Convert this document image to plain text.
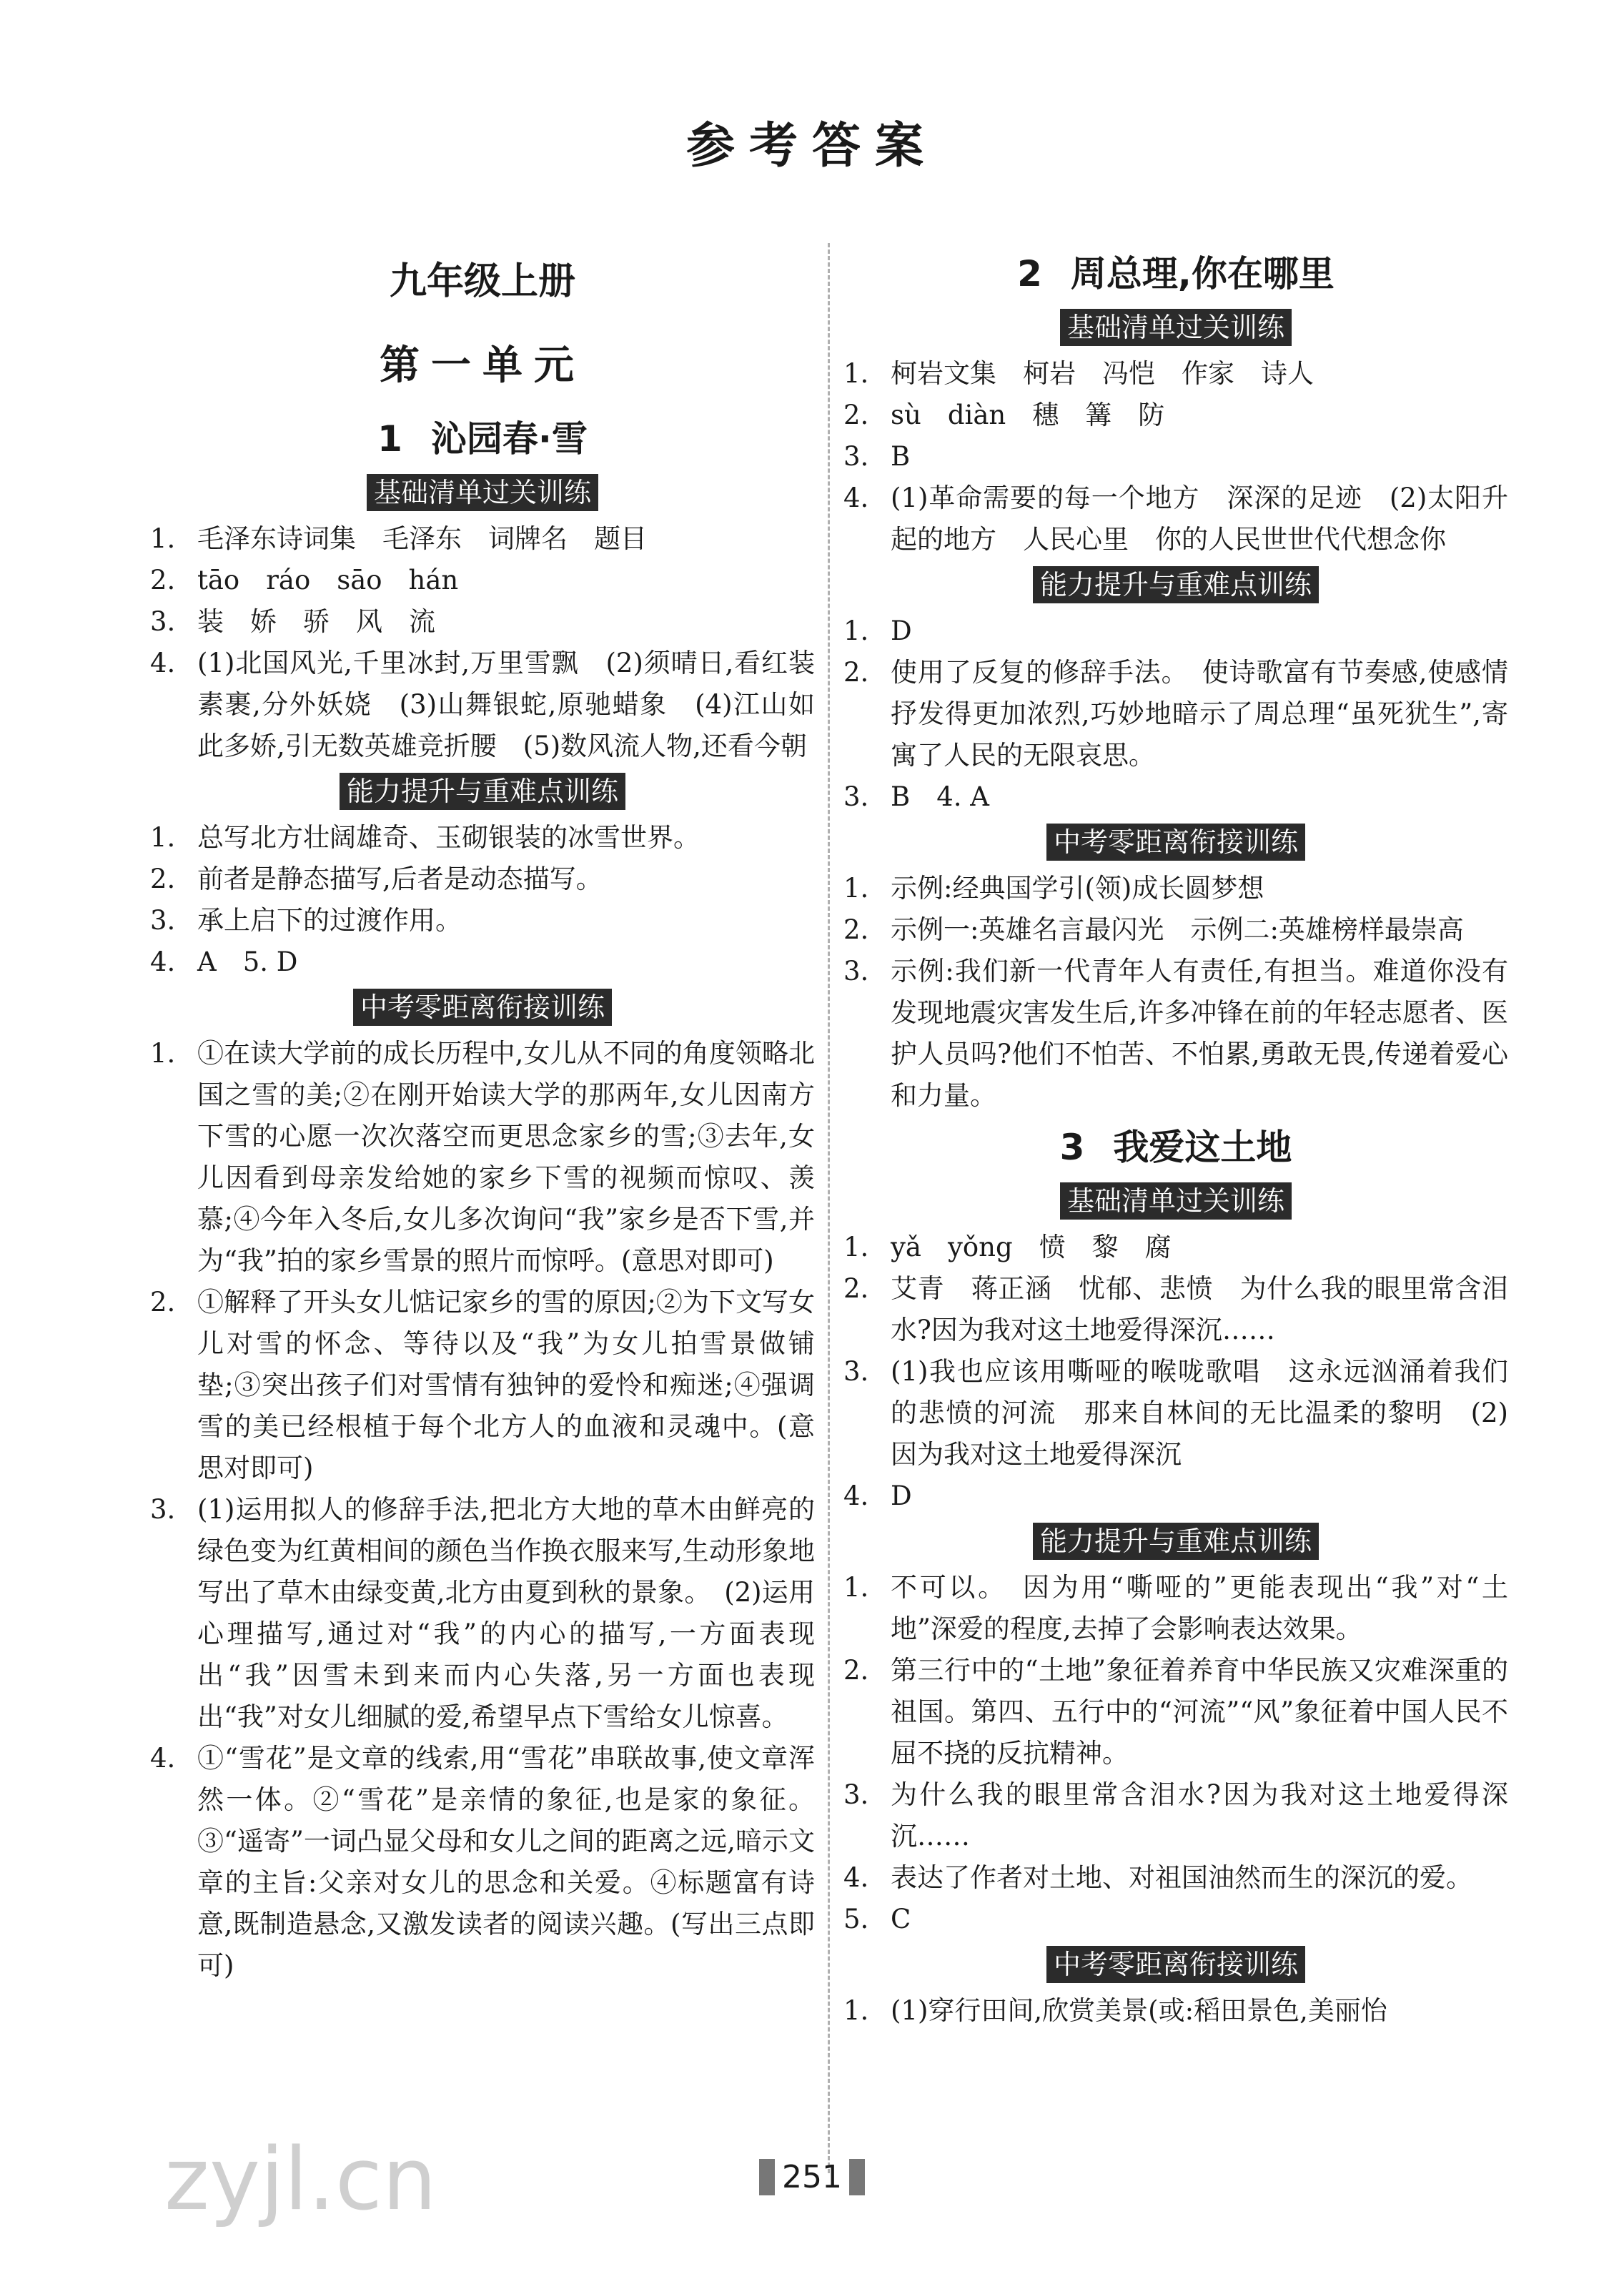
参考答案
九年级上册
第一单元
1 沁园春·雪
基础清单过关训练
1. 毛泽东诗词集　毛泽东　词牌名　题目
2. tāo　ráo　sāo　hán
3. 装　娇　骄　风　流
4. (1)北国风光,千里冰封,万里雪飘　(2)须晴日,看红装素裹,分外妖娆　(3)山舞银蛇,原驰蜡象　(4)江山如此多娇,引无数英雄竞折腰　(5)数风流人物,还看今朝
能力提升与重难点训练
1. 总写北方壮阔雄奇、玉砌银装的冰雪世界。
2. 前者是静态描写,后者是动态描写。
3. 承上启下的过渡作用。
4. A　5. D
中考零距离衔接训练
1. ①在读大学前的成长历程中,女儿从不同的角度领略北国之雪的美;②在刚开始读大学的那两年,女儿因南方下雪的心愿一次次落空而更思念家乡的雪;③去年,女儿因看到母亲发给她的家乡下雪的视频而惊叹、羡慕;④今年入冬后,女儿多次询问“我”家乡是否下雪,并为“我”拍的家乡雪景的照片而惊呼。(意思对即可)
2. ①解释了开头女儿惦记家乡的雪的原因;②为下文写女儿对雪的怀念、等待以及“我”为女儿拍雪景做铺垫;③突出孩子们对雪情有独钟的爱怜和痴迷;④强调雪的美已经根植于每个北方人的血液和灵魂中。(意思对即可)
3. (1)运用拟人的修辞手法,把北方大地的草木由鲜亮的绿色变为红黄相间的颜色当作换衣服来写,生动形象地写出了草木由绿变黄,北方由夏到秋的景象。　(2)运用心理描写,通过对“我”的内心的描写,一方面表现出“我”因雪未到来而内心失落,另一方面也表现出“我”对女儿细腻的爱,希望早点下雪给女儿惊喜。
4. ①“雪花”是文章的线索,用“雪花”串联故事,使文章浑然一体。②“雪花”是亲情的象征,也是家的象征。③“遥寄”一词凸显父母和女儿之间的距离之远,暗示文章的主旨:父亲对女儿的思念和关爱。④标题富有诗意,既制造悬念,又激发读者的阅读兴趣。(写出三点即可)
2 周总理,你在哪里
基础清单过关训练
1. 柯岩文集　柯岩　冯恺　作家　诗人
2. sù　diàn　穗　篝　防
3. B
4. (1)革命需要的每一个地方　深深的足迹　(2)太阳升起的地方　人民心里　你的人民世世代代想念你
能力提升与重难点训练
1. D
2. 使用了反复的修辞手法。　使诗歌富有节奏感,使感情抒发得更加浓烈,巧妙地暗示了周总理“虽死犹生”,寄寓了人民的无限哀思。
3. B　4. A
中考零距离衔接训练
1. 示例:经典国学引(领)成长圆梦想
2. 示例一:英雄名言最闪光　示例二:英雄榜样最崇高
3. 示例:我们新一代青年人有责任,有担当。难道你没有发现地震灾害发生后,许多冲锋在前的年轻志愿者、医护人员吗?他们不怕苦、不怕累,勇敢无畏,传递着爱心和力量。
3 我爱这土地
基础清单过关训练
1. yǎ　yǒng　愤　黎　腐
2. 艾青　蒋正涵　忧郁、悲愤　为什么我的眼里常含泪水?因为我对这土地爱得深沉……
3. (1)我也应该用嘶哑的喉咙歌唱　这永远汹涌着我们的悲愤的河流　那来自林间的无比温柔的黎明　(2)因为我对这土地爱得深沉
4. D
能力提升与重难点训练
1. 不可以。　因为用“嘶哑的”更能表现出“我”对“土地”深爱的程度,去掉了会影响表达效果。
2. 第三行中的“土地”象征着养育中华民族又灾难深重的祖国。第四、五行中的“河流”“风”象征着中国人民不屈不挠的反抗精神。
3. 为什么我的眼里常含泪水?因为我对这土地爱得深沉……
4. 表达了作者对土地、对祖国油然而生的深沉的爱。
5. C
中考零距离衔接训练
1. (1)穿行田间,欣赏美景(或:稻田景色,美丽怡
zyjl.cn	251
